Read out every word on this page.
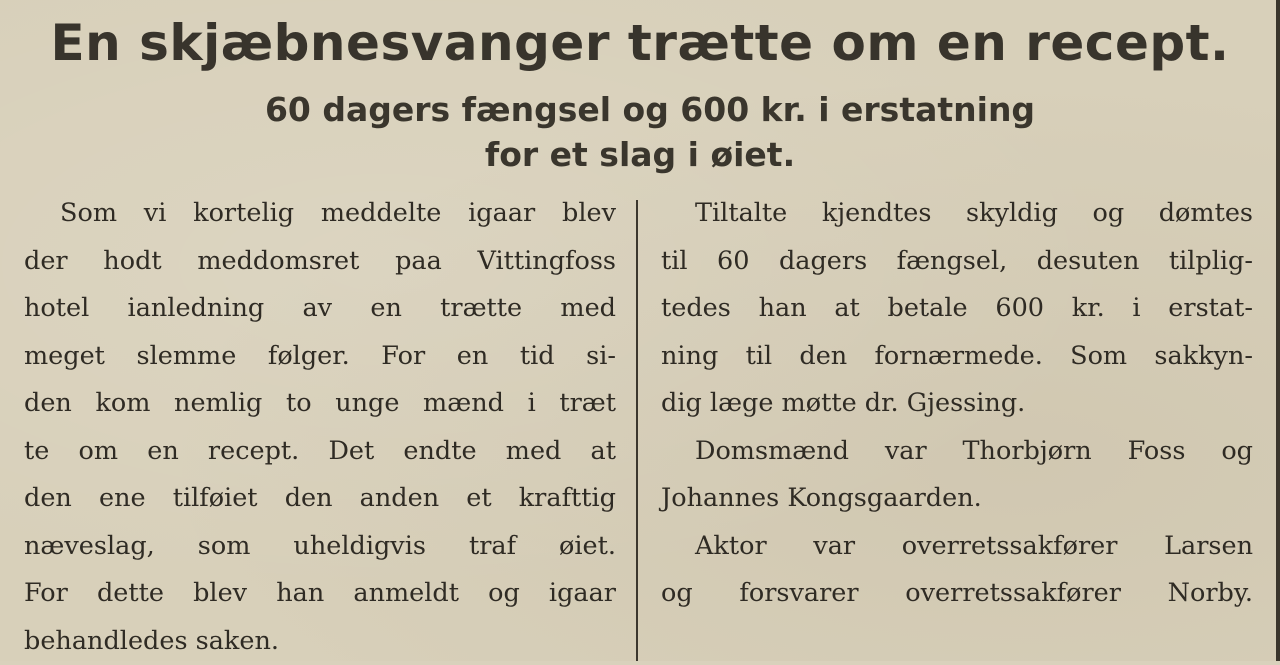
En skjæbnesvanger trætte om en recept.
60 dagers fængsel og 600 kr. i erstatning
for et slag i øiet.
Som vi kortelig meddelte igaar blev
der hodt meddomsret paa Vittingfoss
hotel ianledning av en trætte med
meget slemme følger. For en tid si-
den kom nemlig to unge mænd i træt
te om en recept. Det endte med at
den ene tilføiet den anden et krafttig
næveslag, som uheldigvis traf øiet.
For dette blev han anmeldt og igaar
behandledes saken.
Tiltalte kjendtes skyldig og dømtes
til 60 dagers fængsel, desuten tilplig-
tedes han at betale 600 kr. i erstat-
ning til den fornærmede. Som sakkyn-
dig læge møtte dr. Gjessing.
Domsmænd var Thorbjørn Foss og
Johannes Kongsgaarden.
Aktor var overretssakfører Larsen
og forsvarer overretssakfører Norby.
